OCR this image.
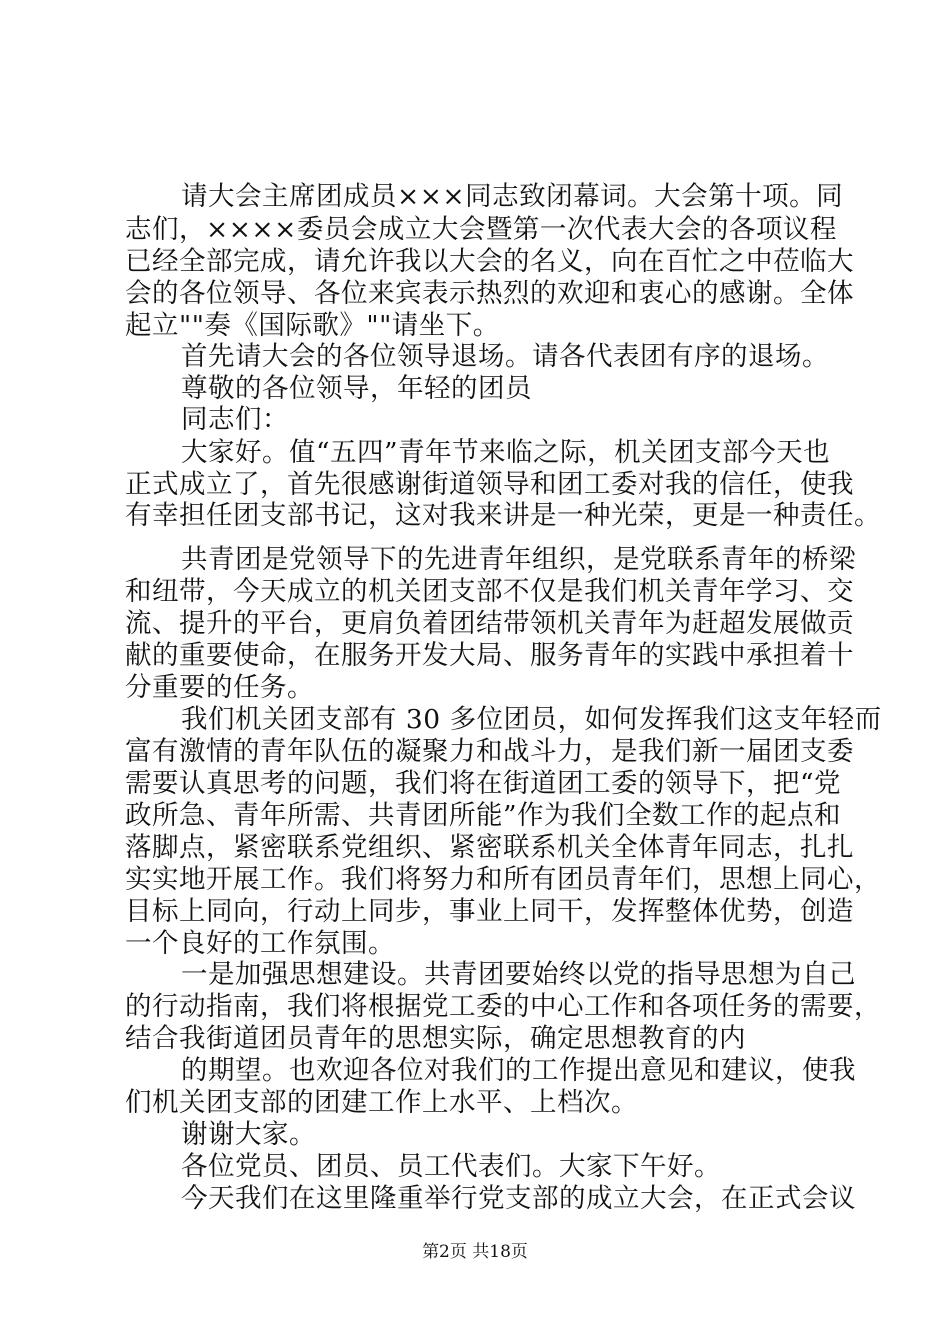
请大会主席团成员×××同志致闭幕词。大会第十项。同
志们，××××委员会成立大会暨第一次代表大会的各项议程
已经全部完成，请允许我以大会的名义，向在百忙之中莅临大
会的各位领导、各位来宾表示热烈的欢迎和衷心的感谢。全体
起立""奏《国际歌》""请坐下。
首先请大会的各位领导退场。请各代表团有序的退场。
尊敬的各位领导，年轻的团员
同志们：
大家好。值“五四”青年节来临之际，机关团支部今天也
正式成立了，首先很感谢街道领导和团工委对我的信任，使我
有幸担任团支部书记，这对我来讲是一种光荣，更是一种责任。
共青团是党领导下的先进青年组织，是党联系青年的桥梁
和纽带，今天成立的机关团支部不仅是我们机关青年学习、交
流、提升的平台，更肩负着团结带领机关青年为赶超发展做贡
献的重要使命，在服务开发大局、服务青年的实践中承担着十
分重要的任务。
我们机关团支部有 30 多位团员，如何发挥我们这支年轻而
富有激情的青年队伍的凝聚力和战斗力，是我们新一届团支委
需要认真思考的问题，我们将在街道团工委的领导下，把“党
政所急、青年所需、共青团所能”作为我们全数工作的起点和
落脚点，紧密联系党组织、紧密联系机关全体青年同志，扎扎
实实地开展工作。我们将努力和所有团员青年们，思想上同心，
目标上同向，行动上同步，事业上同干，发挥整体优势，创造
一个良好的工作氛围。
一是加强思想建设。共青团要始终以党的指导思想为自己
的行动指南，我们将根据党工委的中心工作和各项任务的需要，
结合我街道团员青年的思想实际，确定思想教育的内
的期望。也欢迎各位对我们的工作提出意见和建议，使我
们机关团支部的团建工作上水平、上档次。
谢谢大家。
各位党员、团员、员工代表们。大家下午好。
今天我们在这里隆重举行党支部的成立大会，在正式会议
第2页 共18页
